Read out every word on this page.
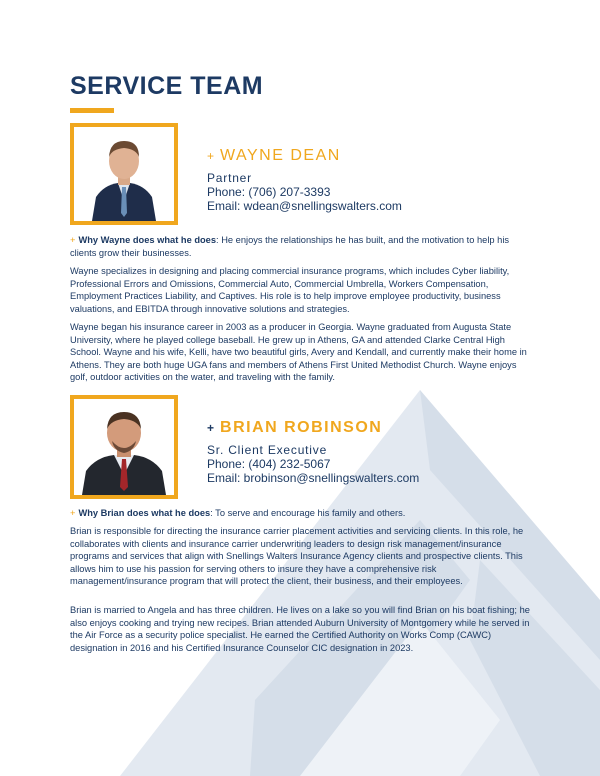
SERVICE TEAM
+ WAYNE DEAN
Partner
Phone: (706) 207-3393
Email: wdean@snellingswalters.com
+ Why Wayne does what he does: He enjoys the relationships he has built, and the motivation to help his clients grow their businesses.
Wayne specializes in designing and placing commercial insurance programs, which includes Cyber liability, Professional Errors and Omissions, Commercial Auto, Commercial Umbrella, Workers Compensation, Employment Practices Liability, and Captives. His role is to help improve employee productivity, business valuations, and EBITDA through innovative solutions and strategies.
Wayne began his insurance career in 2003 as a producer in Georgia. Wayne graduated from Augusta State University, where he played college baseball. He grew up in Athens, GA and attended Clarke Central High School. Wayne and his wife, Kelli, have two beautiful girls, Avery and Kendall, and currently make their home in Athens. They are both huge UGA fans and members of Athens First United Methodist Church. Wayne enjoys golf, outdoor activities on the water, and traveling with the family.
+ BRIAN ROBINSON
Sr. Client Executive
Phone: (404) 232-5067
Email: brobinson@snellingswalters.com
+ Why Brian does what he does: To serve and encourage his family and others.
Brian is responsible for directing the insurance carrier placement activities and servicing clients. In this role, he collaborates with clients and insurance carrier underwriting leaders to design risk management/insurance programs and services that align with Snellings Walters Insurance Agency clients and prospective clients. This allows him to use his passion for serving others to insure they have a comprehensive risk management/insurance program that will protect the client, their business, and their employees.
Brian is married to Angela and has three children. He lives on a lake so you will find Brian on his boat fishing; he also enjoys cooking and trying new recipes. Brian attended Auburn University of Montgomery while he served in the Air Force as a security police specialist. He earned the Certified Authority on Works Comp (CAWC) designation in 2016 and his Certified Insurance Counselor CIC designation in 2023.
